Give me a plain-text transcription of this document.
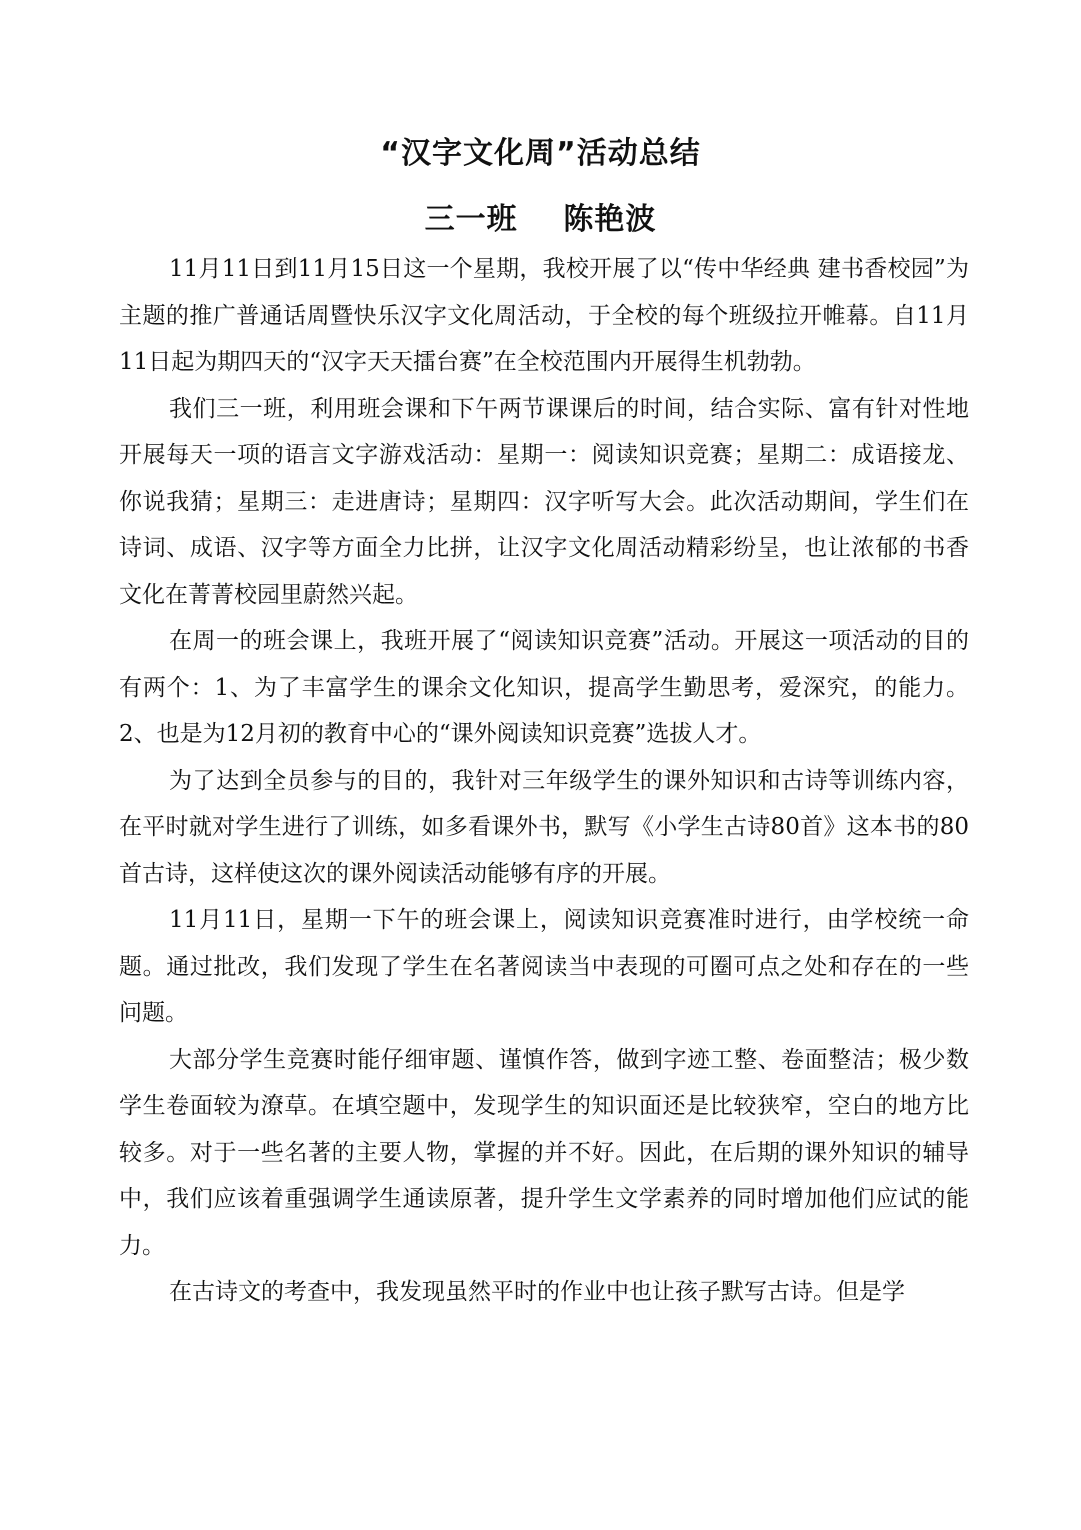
“汉字文化周”活动总结
三一班    陈艳波

11月11日到11月15日这一个星期，我校开展了以“传中华经典 建书香校园”为主题的推广普通话周暨快乐汉字文化周活动，于全校的每个班级拉开帷幕。自11月11日起为期四天的“汉字天天擂台赛”在全校范围内开展得生机勃勃。

我们三一班，利用班会课和下午两节课课后的时间，结合实际、富有针对性地开展每天一项的语言文字游戏活动：星期一：阅读知识竞赛；星期二：成语接龙、你说我猜；星期三：走进唐诗；星期四：汉字听写大会。此次活动期间，学生们在诗词、成语、汉字等方面全力比拼，让汉字文化周活动精彩纷呈，也让浓郁的书香文化在菁菁校园里蔚然兴起。

在周一的班会课上，我班开展了“阅读知识竞赛”活动。开展这一项活动的目的有两个：1、为了丰富学生的课余文化知识，提高学生勤思考，爱深究，的能力。2、也是为12月初的教育中心的“课外阅读知识竞赛”选拔人才。

为了达到全员参与的目的，我针对三年级学生的课外知识和古诗等训练内容，在平时就对学生进行了训练，如多看课外书，默写《小学生古诗80首》这本书的80首古诗，这样使这次的课外阅读活动能够有序的开展。

11月11日，星期一下午的班会课上，阅读知识竞赛准时进行，由学校统一命题。通过批改，我们发现了学生在名著阅读当中表现的可圈可点之处和存在的一些问题。

大部分学生竞赛时能仔细审题、谨慎作答，做到字迹工整、卷面整洁；极少数学生卷面较为潦草。在填空题中，发现学生的知识面还是比较狭窄，空白的地方比较多。对于一些名著的主要人物，掌握的并不好。因此，在后期的课外知识的辅导中，我们应该着重强调学生通读原著，提升学生文学素养的同时增加他们应试的能力。

在古诗文的考查中，我发现虽然平时的作业中也让孩子默写古诗。但是学
